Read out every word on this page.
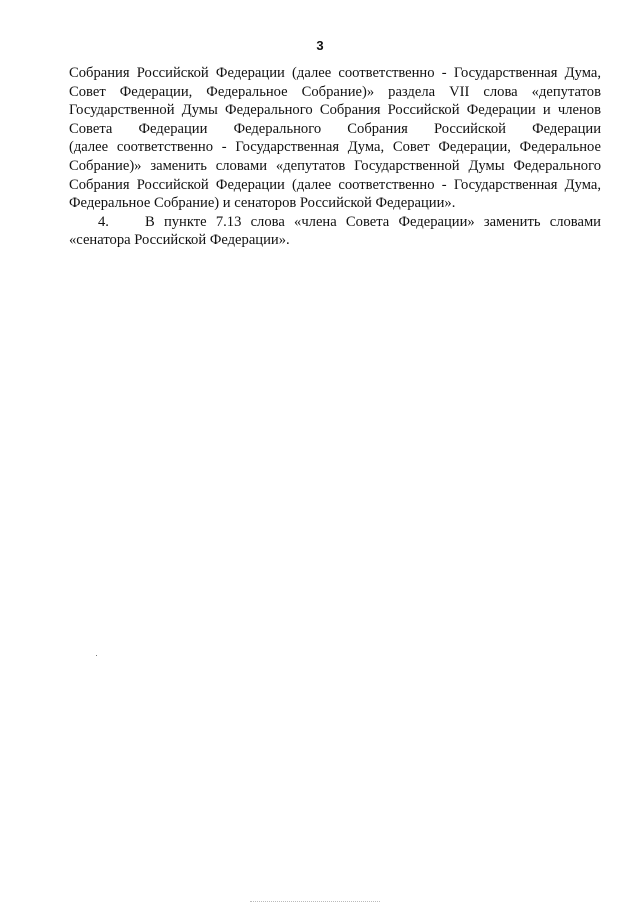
3
Собрания Российской Федерации (далее соответственно - Государственная Дума,
Совет Федерации, Федеральное Собрание)» раздела VII слова «депутатов
Государственной Думы Федерального Собрания Российской Федерации и членов
Совета Федерации Федерального Собрания Российской Федерации
(далее соответственно - Государственная Дума, Совет Федерации, Федеральное
Собрание)» заменить словами «депутатов Государственной Думы Федерального
Собрания Российской Федерации (далее соответственно - Государственная Дума,
Федеральное Собрание) и сенаторов Российской Федерации».
4. В пункте 7.13 слова «члена Совета Федерации» заменить словами
«сенатора Российской Федерации».
